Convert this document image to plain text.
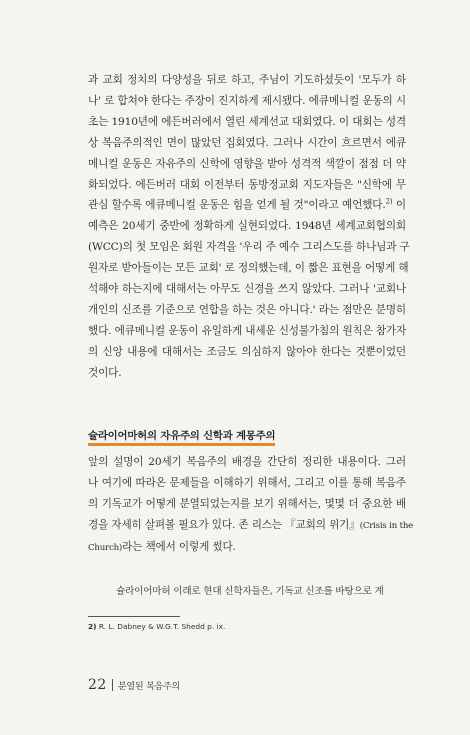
과 교회 정치의 다양성을 뒤로 하고, 주님이 기도하셨듯이 '모두가 하
나' 로 합쳐야 한다는 주장이 진지하게 제시됐다. 에큐메니컬 운동의 시
초는 1910년에 에든버러에서 열린 세계선교 대회였다. 이 대회는 성격
상 복음주의적인 면이 많았던 집회였다. 그러나 시간이 흐르면서 에큐
메니컬 운동은 자유주의 신학에 영향을 받아 성격적 색깔이 점점 더 약
화되었다. 에든버러 대회 이전부터 동방정교회 지도자들은 "신학에 무
관심 할수록 에큐메니컬 운동은 힘을 얻게 될 것"이라고 예언했다.$^{2)}$ 이
예측은 20세기 중반에 정확하게 실현되었다. 1948년 세계교회협의회
(WCC)의 첫 모임은 회원 자격을 '우리 주 예수 그리스도를 하나님과 구
원자로 받아들이는 모든 교회' 로 정의했는데, 이 짧은 표현을 어떻게 해
석해야 하는지에 대해서는 아무도 신경을 쓰지 않았다. 그러나 '교회나
개인의 신조를 기준으로 연합을 하는 것은 아니다.' 라는 점만은 분명히
했다. 에큐메니컬 운동이 유일하게 내세운 신성불가침의 원칙은 참가자
의 신앙 내용에 대해서는 조금도 의심하지 않아야 한다는 것뿐이었던
것이다.
슐라이어마허의 자유주의 신학과 계몽주의
앞의 설명이 20세기 복음주의 배경을 간단히 정리한 내용이다. 그러
나 여기에 따라온 문제들을 이해하기 위해서, 그리고 이를 통해 복음주
의 기독교가 어떻게 분열되었는지를 보기 위해서는, 몇몇 더 중요한 배
경을 자세히 살펴볼 필요가 있다. 존 리스는 『교회의 위기』(Crisis in the
Church)라는 책에서 이렇게 썼다.

슐라이어마허 이래로 현대 신학자들은, 기독교 신조를 바탕으로 계

2) R. L. Dabney & W.G.T. Shedd p. ix.

22 분열된 복음주의
